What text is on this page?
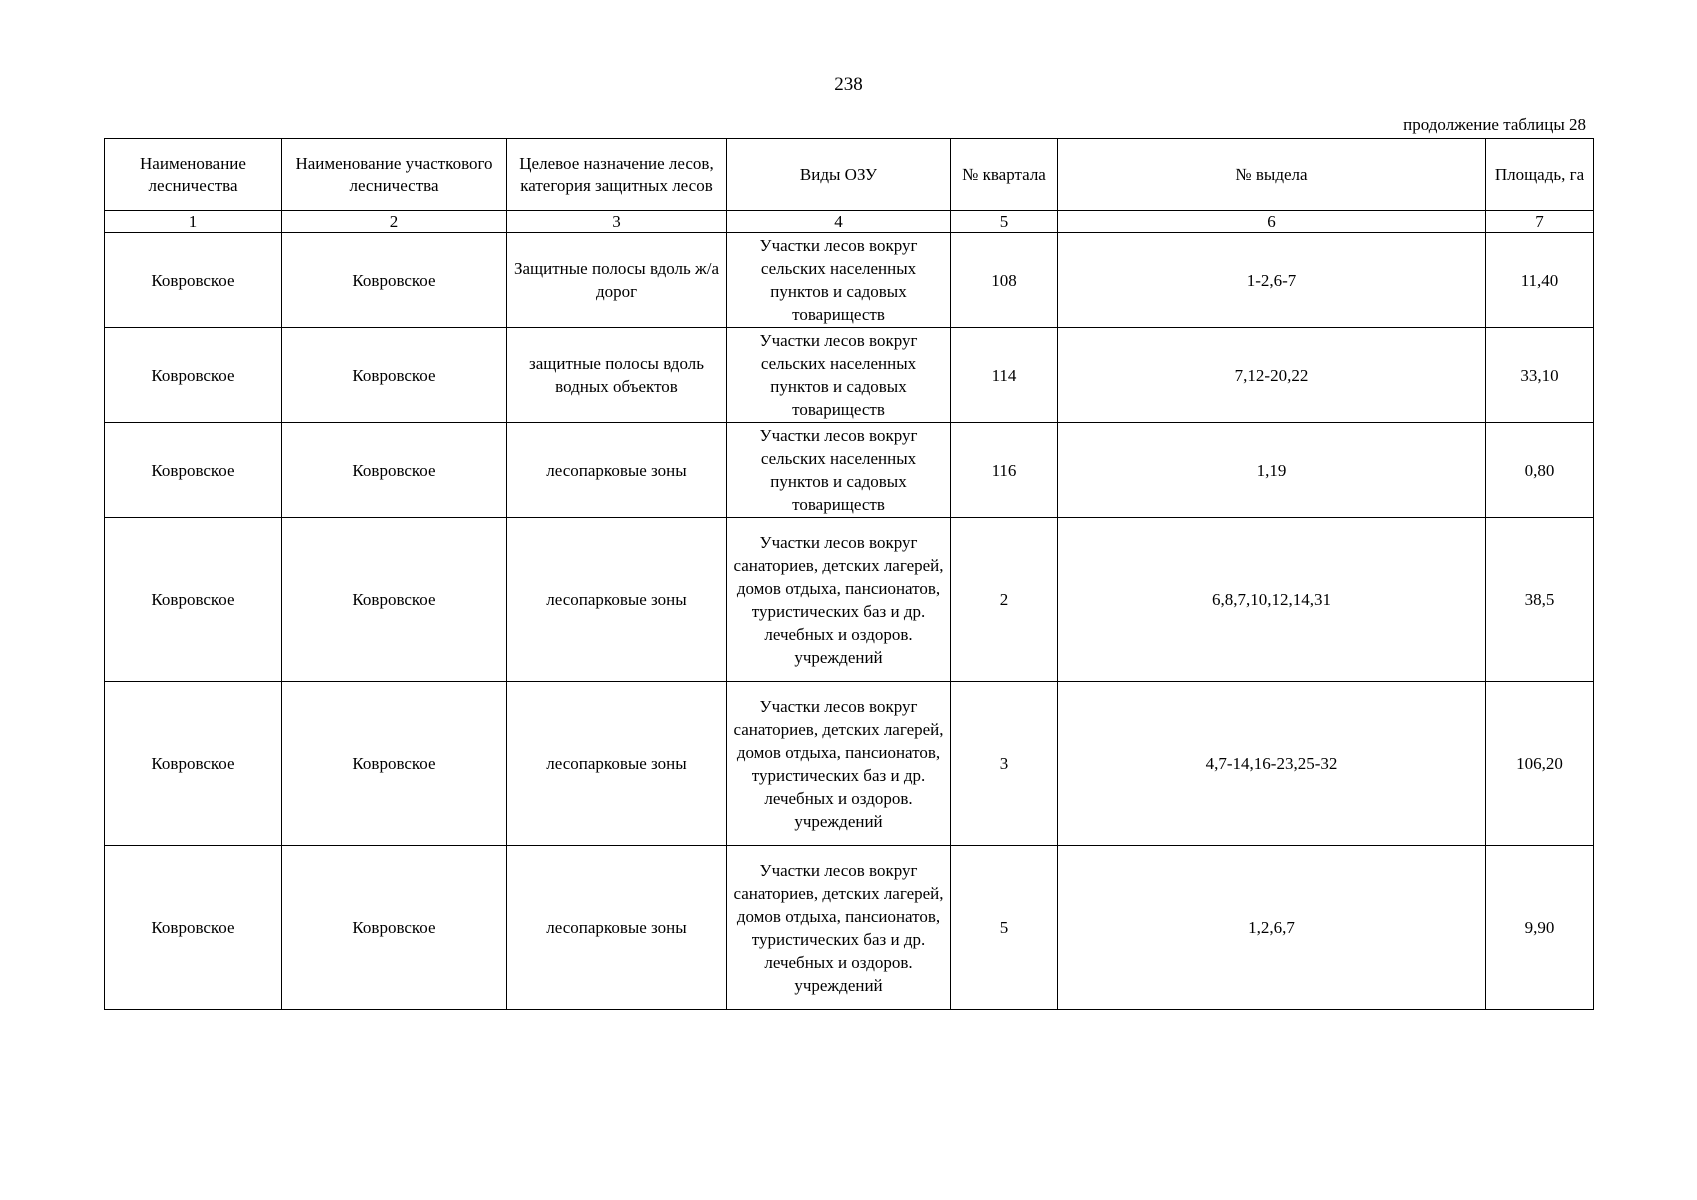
238
продолжение таблицы 28
Наименование лесничества	Наименование участкового лесничества	Целевое назначение лесов, категория защитных лесов	Виды ОЗУ	№ квартала	№ выдела	Площадь, га
1	2	3	4	5	6	7
Ковровское	Ковровское	Защитные полосы вдоль ж/а дорог	Участки лесов вокруг сельских населенных пунктов и садовых товариществ	108	1-2,6-7	11,40
Ковровское	Ковровское	защитные полосы вдоль водных объектов	Участки лесов вокруг сельских населенных пунктов и садовых товариществ	114	7,12-20,22	33,10
Ковровское	Ковровское	лесопарковые зоны	Участки лесов вокруг сельских населенных пунктов и садовых товариществ	116	1,19	0,80
Ковровское	Ковровское	лесопарковые зоны	Участки лесов вокруг санаториев, детских лагерей, домов отдыха, пансионатов, туристических баз и др. лечебных и оздоров. учреждений	2	6,8,7,10,12,14,31	38,5
Ковровское	Ковровское	лесопарковые зоны	Участки лесов вокруг санаториев, детских лагерей, домов отдыха, пансионатов, туристических баз и др. лечебных и оздоров. учреждений	3	4,7-14,16-23,25-32	106,20
Ковровское	Ковровское	лесопарковые зоны	Участки лесов вокруг санаториев, детских лагерей, домов отдыха, пансионатов, туристических баз и др. лечебных и оздоров. учреждений	5	1,2,6,7	9,90
